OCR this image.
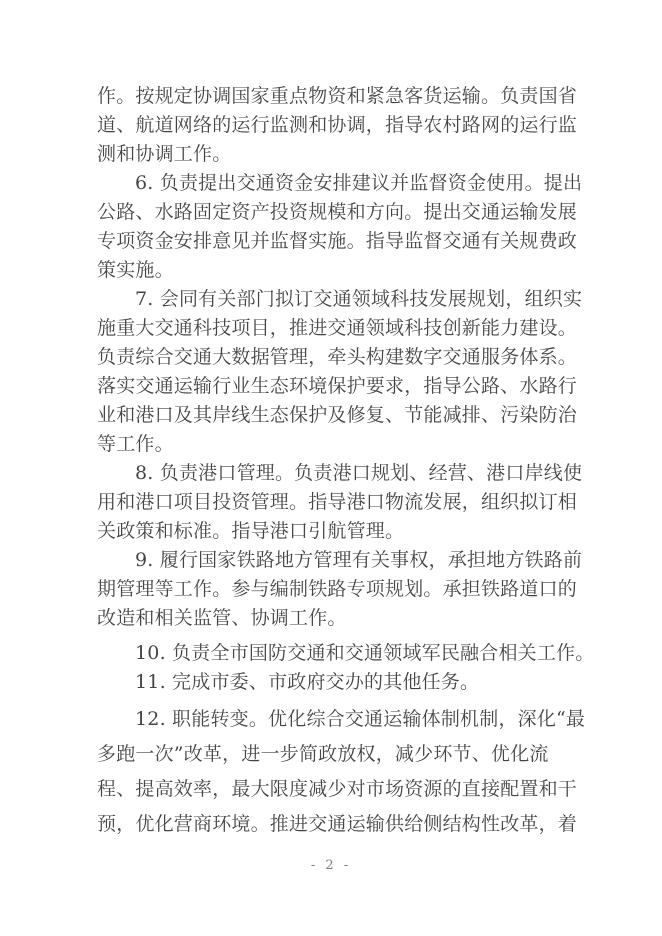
作。按规定协调国家重点物资和紧急客货运输。负责国省
道、航道网络的运行监测和协调，指导农村路网的运行监
测和协调工作。
6. 负责提出交通资金安排建议并监督资金使用。提出
公路、水路固定资产投资规模和方向。提出交通运输发展
专项资金安排意见并监督实施。指导监督交通有关规费政
策实施。
7. 会同有关部门拟订交通领域科技发展规划，组织实
施重大交通科技项目，推进交通领域科技创新能力建设。
负责综合交通大数据管理，牵头构建数字交通服务体系。
落实交通运输行业生态环境保护要求，指导公路、水路行
业和港口及其岸线生态保护及修复、节能减排、污染防治
等工作。
8. 负责港口管理。负责港口规划、经营、港口岸线使
用和港口项目投资管理。指导港口物流发展，组织拟订相
关政策和标准。指导港口引航管理。
9. 履行国家铁路地方管理有关事权，承担地方铁路前
期管理等工作。参与编制铁路专项规划。承担铁路道口的
改造和相关监管、协调工作。
10. 负责全市国防交通和交通领域军民融合相关工作。
11. 完成市委、市政府交办的其他任务。
12. 职能转变。优化综合交通运输体制机制，深化“最
多跑一次”改革，进一步简政放权，减少环节、优化流
程、提高效率，最大限度减少对市场资源的直接配置和干
预，优化营商环境。推进交通运输供给侧结构性改革，着
- 2 -
